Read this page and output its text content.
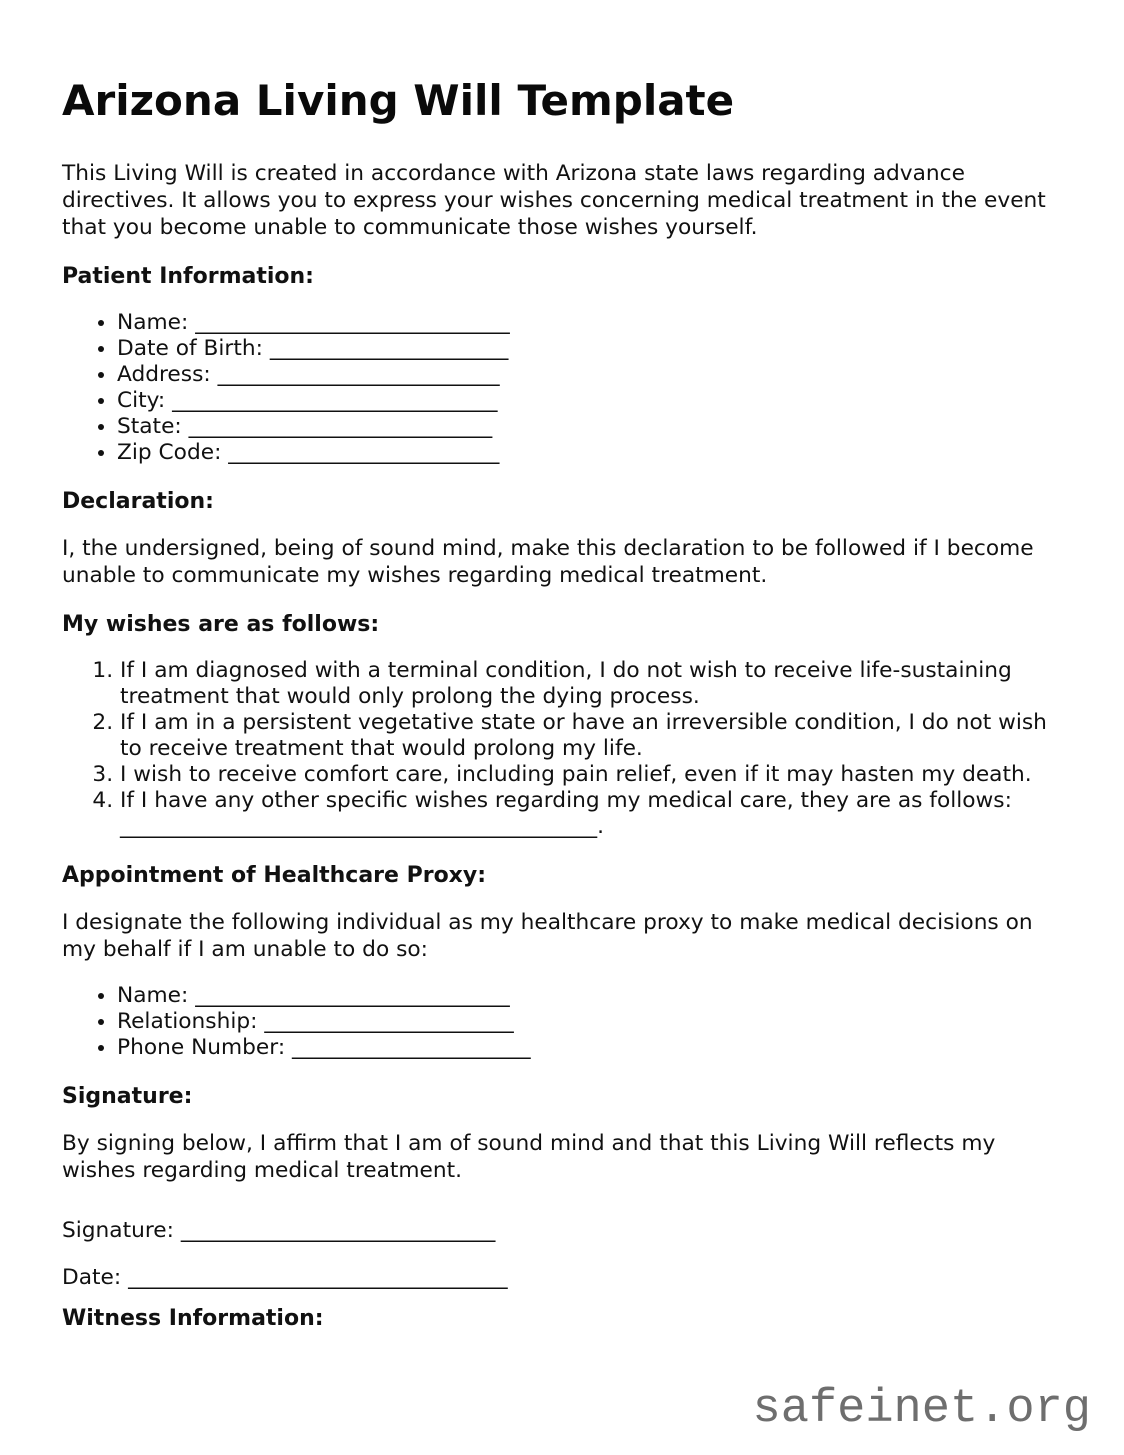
Arizona Living Will Template

This Living Will is created in accordance with Arizona state laws regarding advance directives. It allows you to express your wishes concerning medical treatment in the event that you become unable to communicate those wishes yourself.

Patient Information:
• Name: _____________________________
• Date of Birth: ______________________
• Address: __________________________
• City: ______________________________
• State: ____________________________
• Zip Code: _________________________
Declaration:

I, the undersigned, being of sound mind, make this declaration to be followed if I become unable to communicate my wishes regarding medical treatment.

My wishes are as follows:
1. If I am diagnosed with a terminal condition, I do not wish to receive life-sustaining treatment that would only prolong the dying process.
2. If I am in a persistent vegetative state or have an irreversible condition, I do not wish to receive treatment that would prolong my life.
3. I wish to receive comfort care, including pain relief, even if it may hasten my death.
4. If I have any other specific wishes regarding my medical care, they are as follows: ____________________________________________.
Appointment of Healthcare Proxy:

I designate the following individual as my healthcare proxy to make medical decisions on my behalf if I am unable to do so:

• Name: _____________________________
• Relationship: _______________________
• Phone Number: ______________________
Signature:

By signing below, I affirm that I am of sound mind and that this Living Will reflects my wishes regarding medical treatment.

Signature: _____________________________

Date: ___________________________________

Witness Information:
safeinet.org
